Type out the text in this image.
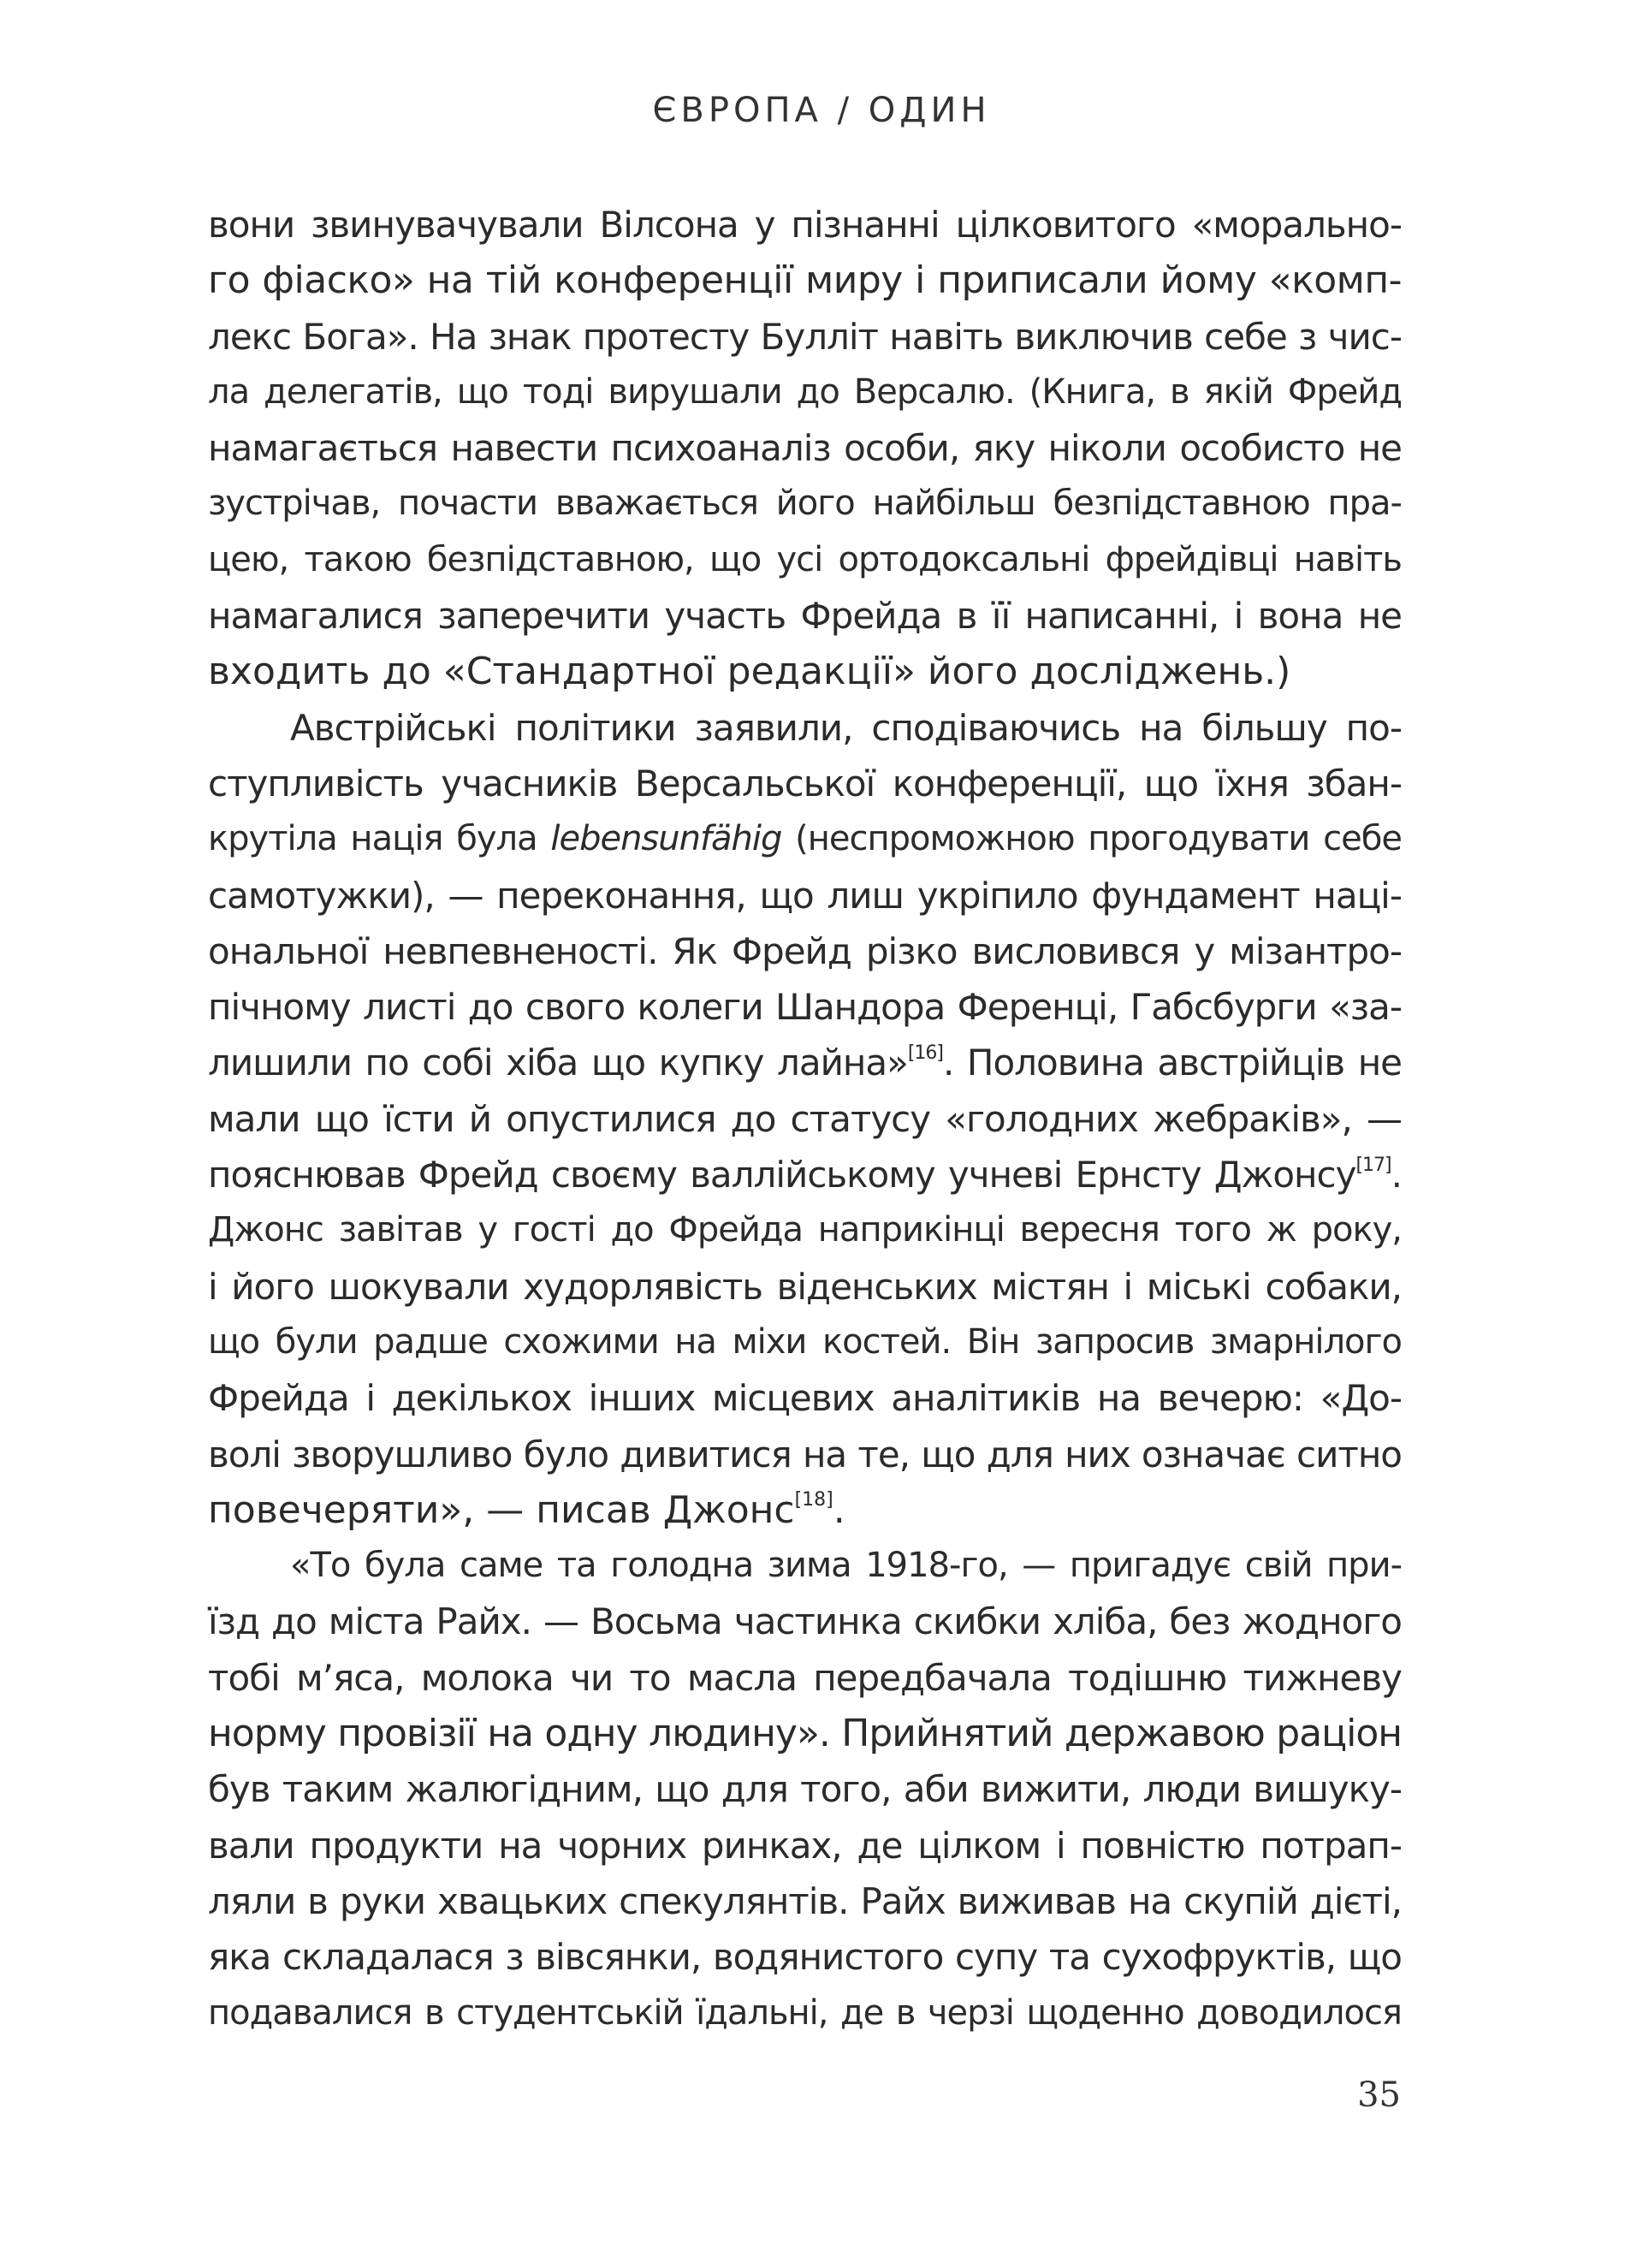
ЄВРОПА / ОДИН
вони звинувачували Вілсона у пізнанні цілковитого «морально-
го фіаско» на тій конференції миру і приписали йому «комп-
лекс Бога». На знак протесту Булліт навіть виключив себе з чис-
ла делегатів, що тоді вирушали до Версалю. (Книга, в якій Фрейд
намагається навести психоаналіз особи, яку ніколи особисто не
зустрічав, почасти вважається його найбільш безпідставною пра-
цею, такою безпідставною, що усі ортодоксальні фрейдівці навіть
намагалися заперечити участь Фрейда в її написанні, і вона не
входить до «Стандартної редакції» його досліджень.)
Австрійські політики заявили, сподіваючись на більшу по-
ступливість учасників Версальської конференції, що їхня збан-
крутіла нація була lebensunfähig (неспроможною прогодувати себе
самотужки), — переконання, що лиш укріпило фундамент наці-
ональної невпевненості. Як Фрейд різко висловився у мізантро-
пічному листі до свого колеги Шандора Ференці, Габсбурги «за-
лишили по собі хіба що купку лайна»[16]. Половина австрійців не
мали що їсти й опустилися до статусу «голодних жебраків», —
пояснював Фрейд своєму валлійському учневі Ернсту Джонсу[17].
Джонс завітав у гості до Фрейда наприкінці вересня того ж року,
і його шокували худорлявість віденських містян і міські собаки,
що були радше схожими на міхи костей. Він запросив змарнілого
Фрейда і декількох інших місцевих аналітиків на вечерю: «До-
волі зворушливо було дивитися на те, що для них означає ситно
повечеряти», — писав Джонс[18].
«То була саме та голодна зима 1918-го, — пригадує свій при-
їзд до міста Райх. — Восьма частинка скибки хліба, без жодного
тобі м’яса, молока чи то масла передбачала тодішню тижневу
норму провізії на одну людину». Прийнятий державою раціон
був таким жалюгідним, що для того, аби вижити, люди вишуку-
вали продукти на чорних ринках, де цілком і повністю потрап-
ляли в руки хвацьких спекулянтів. Райх виживав на скупій дієті,
яка складалася з вівсянки, водянистого супу та сухофруктів, що
подавалися в студентській їдальні, де в черзі щоденно доводилося
35
